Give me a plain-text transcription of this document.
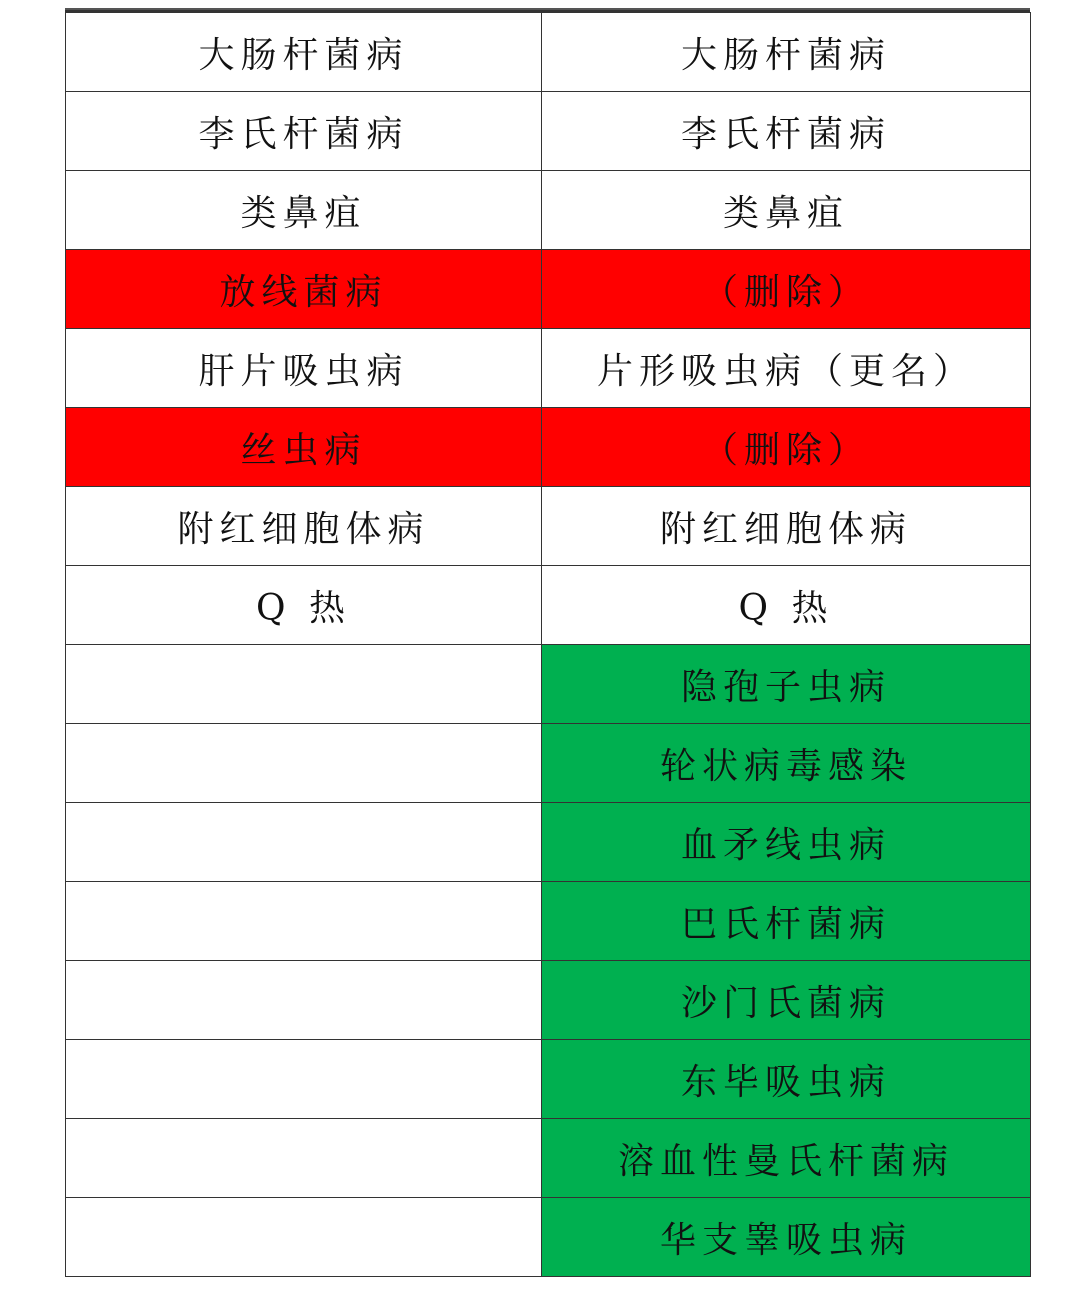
大肠杆菌病	大肠杆菌病
李氏杆菌病	李氏杆菌病
类鼻疽	类鼻疽
放线菌病	（删除）
肝片吸虫病	片形吸虫病（更名）
丝虫病	（删除）
附红细胞体病	附红细胞体病
Q 热	Q 热
	隐孢子虫病
	轮状病毒感染
	血矛线虫病
	巴氏杆菌病
	沙门氏菌病
	东毕吸虫病
	溶血性曼氏杆菌病
	华支睾吸虫病
